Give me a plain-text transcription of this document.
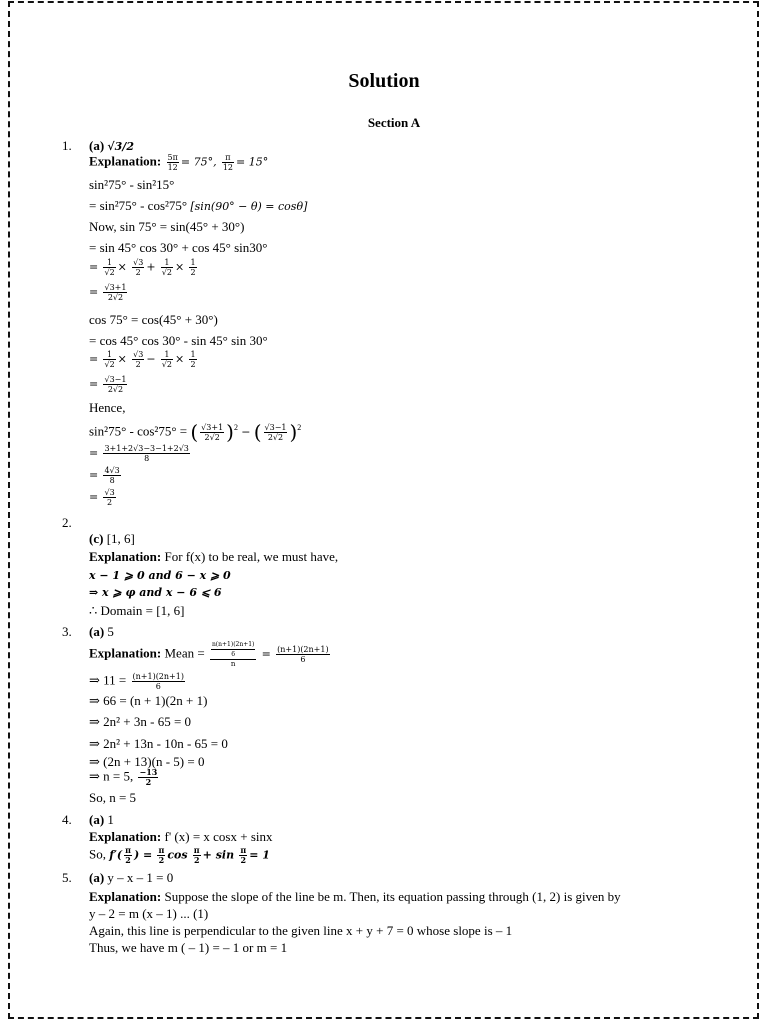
Solution
Section A
1. (a) √3/2
Explanation: $\frac{5\pi}{12} = 75^\circ$, $\frac{\pi}{12} = 15^\circ$
sin²75° - sin²15°
= sin²75° - cos²75° [sin(90° − θ) = cosθ]
Now, sin 75° = sin(45° + 30°)
= sin 45° cos 30° + cos 45° sin30°
= $\frac{1}{√2} \times \frac{√3}{2} + \frac{1}{√2} \times \frac{1}{2}$
= $\frac{√3+1}{2√2}$
cos 75° = cos(45° + 30°)
= cos 45° cos 30° - sin 45° sin 30°
= $\frac{1}{√2} \times \frac{√3}{2} - \frac{1}{√2} \times \frac{1}{2}$
= $\frac{√3-1}{2√2}$
Hence,
sin²75° - cos²75° = ( $\frac{√3+1}{2√2} )^2$ − ( $\frac{√3-1}{2√2} )^2$
= $\frac{3+1+2√3-3-1+2√3}{8}$
= $\frac{4√3}{8}$
= $\frac{√3}{2}$
2.
(c) [1, 6]
Explanation: For f(x) to be real, we must have,
x − 1 ⩾ 0 and 6 − x ⩾ 0
⇒ x ⩾ φ and x − 6 ⩽ 6
∴ Domain = [1, 6]
3. (a) 5
Explanation: Mean = $\frac{\frac{n(n+1)(2n+1)}{6}}{n} = \frac{(n+1)(2n+1)}{6}$
⇒ $11 = \frac{(n+1)(2n+1)}{6}$
⇒ 66 = (n + 1)(2n + 1)
⇒ 2n² + 3n - 65 = 0
⇒ 2n² + 13n - 10n - 65 = 0
⇒ (2n + 13)(n - 5) = 0
⇒ n = 5, $\frac{-13}{2}$
So, n = 5
4. (a) 1
Explanation: f' (x) = x cosx + sinx
So, $f'( \frac{\pi}{2}$ ) = $\frac{\pi}{2}$ $\cos \frac{\pi}{2} + \sin \frac{\pi}{2} = 1$
5. (a) y – x – 1 = 0
Explanation: Suppose the slope of the line be m. Then, its equation passing through (1, 2) is given by
y – 2 = m (x – 1) ... (1)
Again, this line is perpendicular to the given line x + y + 7 = 0 whose slope is – 1
Thus, we have m ( – 1) = – 1 or m = 1
